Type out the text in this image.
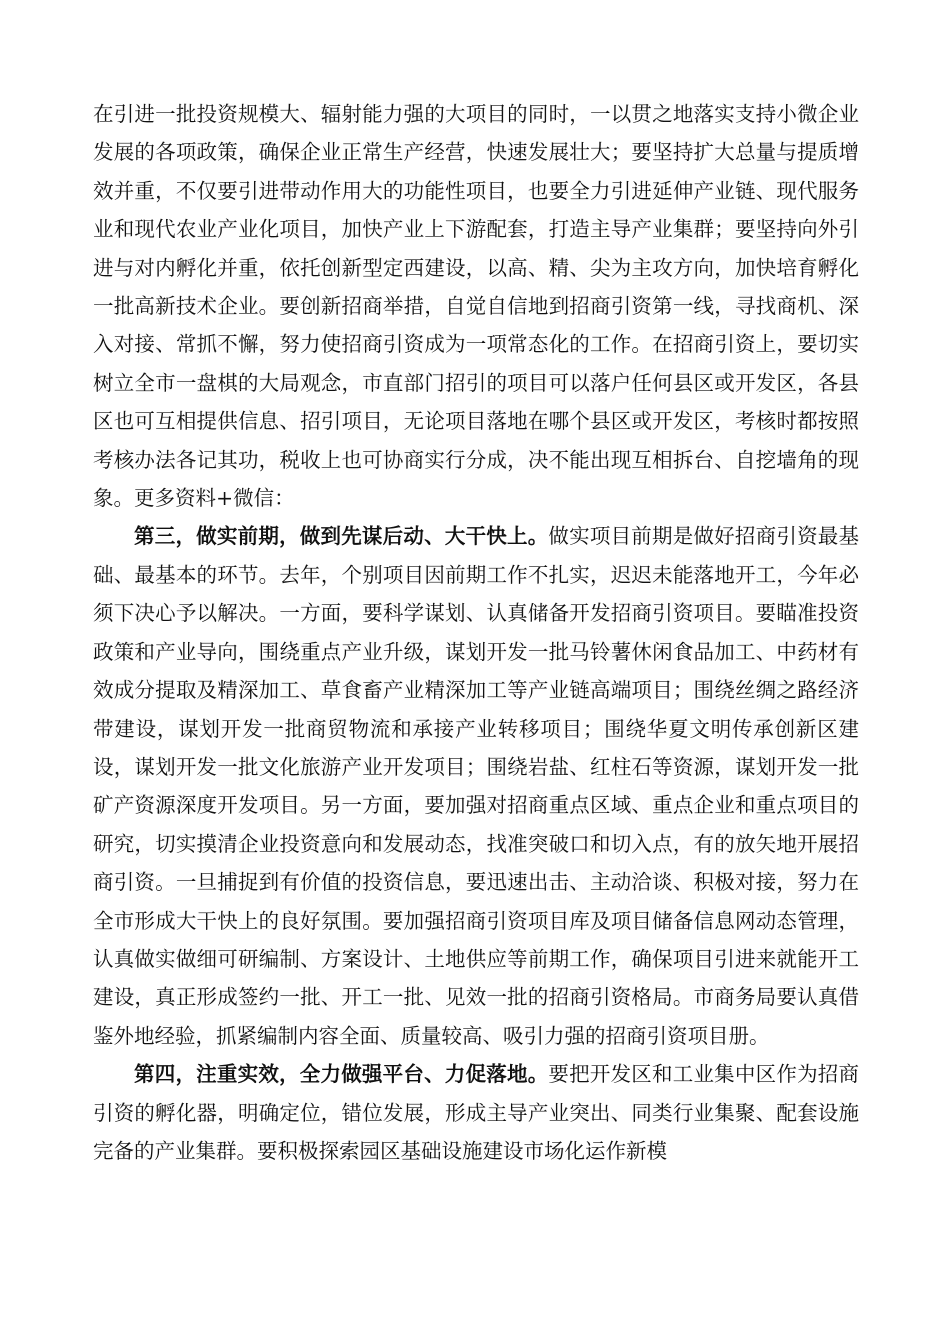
在引进一批投资规模大、辐射能力强的大项目的同时，一以贯之地落实支持小微企业发展的各项政策，确保企业正常生产经营，快速发展壮大；要坚持扩大总量与提质增效并重，不仅要引进带动作用大的功能性项目，也要全力引进延伸产业链、现代服务业和现代农业产业化项目，加快产业上下游配套，打造主导产业集群；要坚持向外引进与对内孵化并重，依托创新型定西建设，以高、精、尖为主攻方向，加快培育孵化一批高新技术企业。要创新招商举措，自觉自信地到招商引资第一线，寻找商机、深入对接、常抓不懈，努力使招商引资成为一项常态化的工作。在招商引资上，要切实树立全市一盘棋的大局观念，市直部门招引的项目可以落户任何县区或开发区，各县区也可互相提供信息、招引项目，无论项目落地在哪个县区或开发区，考核时都按照考核办法各记其功，税收上也可协商实行分成，决不能出现互相拆台、自挖墙角的现象。更多资料+微信：

第三，做实前期，做到先谋后动、大干快上。做实项目前期是做好招商引资最基础、最基本的环节。去年，个别项目因前期工作不扎实，迟迟未能落地开工，今年必须下决心予以解决。一方面，要科学谋划、认真储备开发招商引资项目。要瞄准投资政策和产业导向，围绕重点产业升级，谋划开发一批马铃薯休闲食品加工、中药材有效成分提取及精深加工、草食畜产业精深加工等产业链高端项目；围绕丝绸之路经济带建设，谋划开发一批商贸物流和承接产业转移项目；围绕华夏文明传承创新区建设，谋划开发一批文化旅游产业开发项目；围绕岩盐、红柱石等资源，谋划开发一批矿产资源深度开发项目。另一方面，要加强对招商重点区域、重点企业和重点项目的研究，切实摸清企业投资意向和发展动态，找准突破口和切入点，有的放矢地开展招商引资。一旦捕捉到有价值的投资信息，要迅速出击、主动洽谈、积极对接，努力在全市形成大干快上的良好氛围。要加强招商引资项目库及项目储备信息网动态管理，认真做实做细可研编制、方案设计、土地供应等前期工作，确保项目引进来就能开工建设，真正形成签约一批、开工一批、见效一批的招商引资格局。市商务局要认真借鉴外地经验，抓紧编制内容全面、质量较高、吸引力强的招商引资项目册。

第四，注重实效，全力做强平台、力促落地。要把开发区和工业集中区作为招商引资的孵化器，明确定位，错位发展，形成主导产业突出、同类行业集聚、配套设施完备的产业集群。要积极探索园区基础设施建设市场化运作新模
